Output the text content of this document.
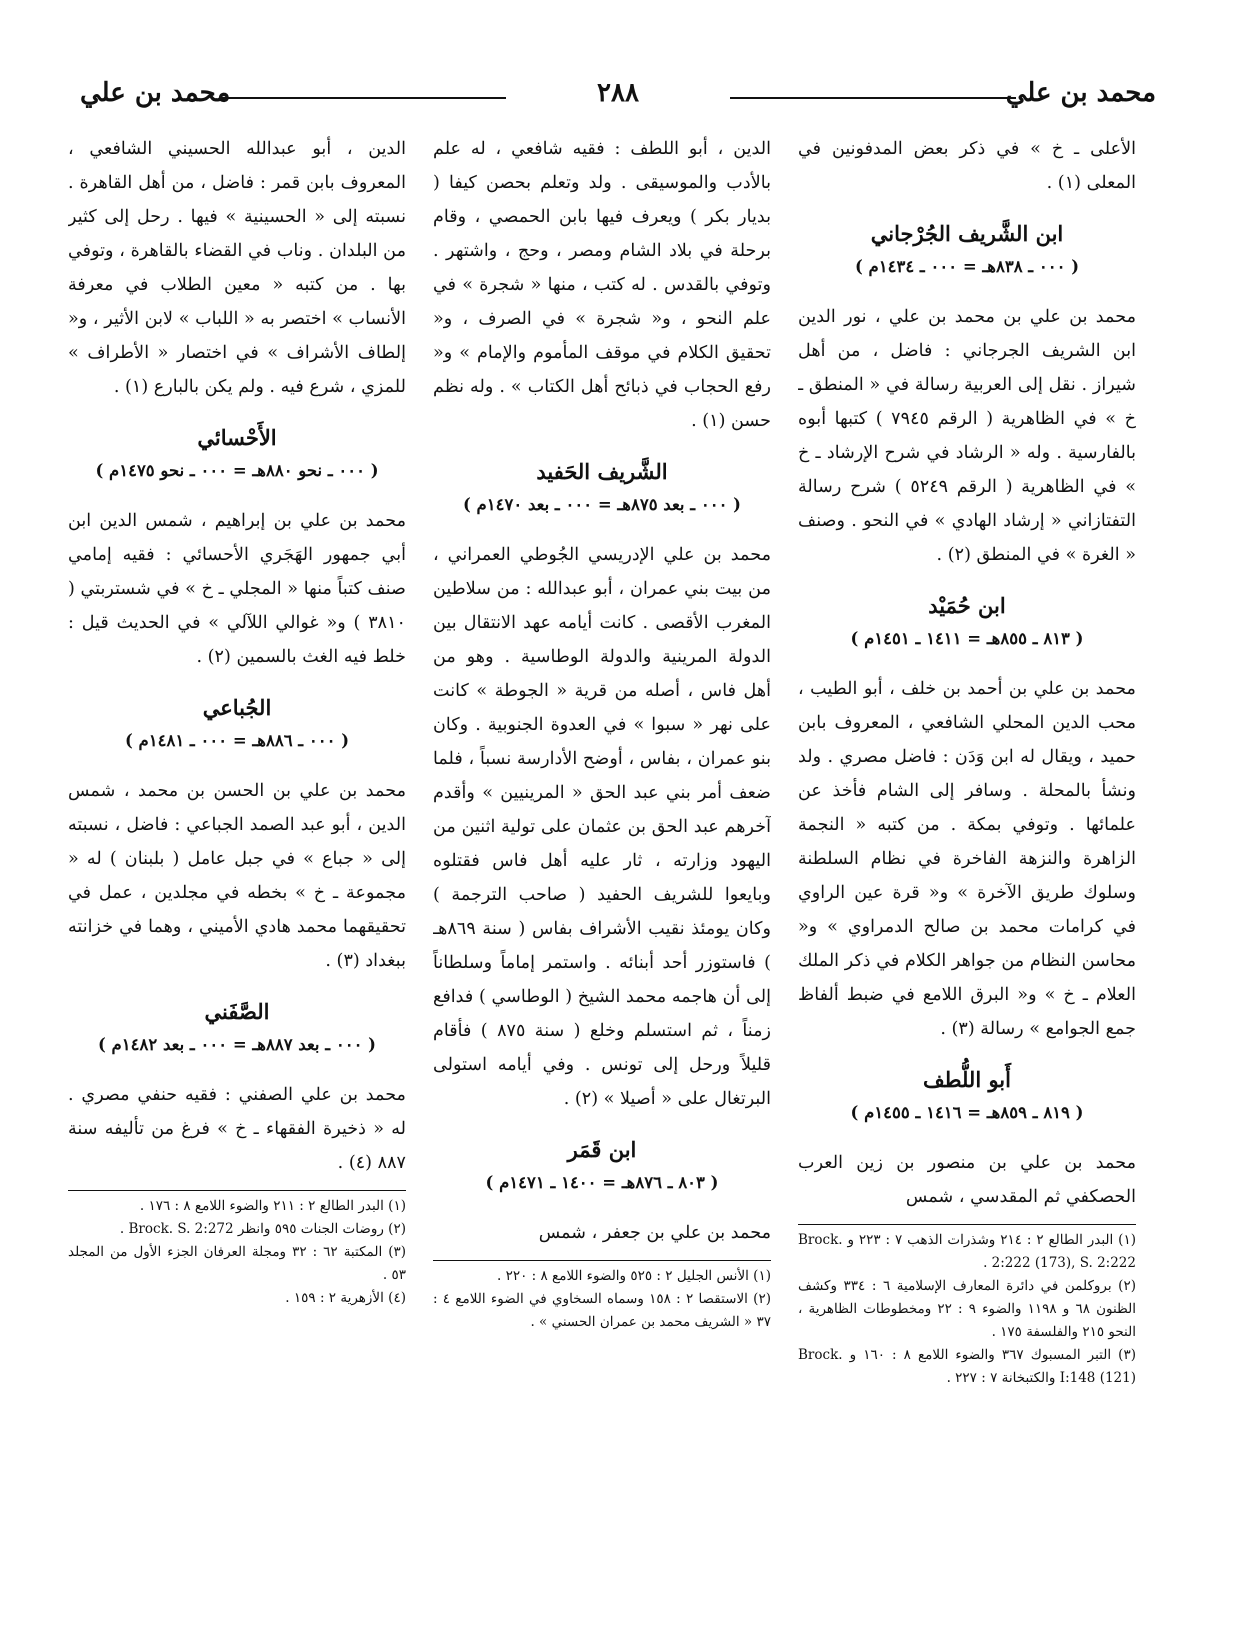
محمد بن علي
٢٨٨
محمد بن علي

الأعلى ـ خ » في ذكر بعض المدفونين في المعلى (١) .

ابن الشَّريف الجُرْجاني
( ٠٠٠ ـ ٨٣٨هـ = ٠٠٠ ـ ١٤٣٤م )

محمد بن علي بن محمد بن علي ، نور الدين ابن الشريف الجرجاني : فاضل ، من أهل شيراز . نقل إلى العربية رسالة في « المنطق ـ خ » في الظاهرية ( الرقم ٧٩٤٥ ) كتبها أبوه بالفارسية . وله « الرشاد في شرح الإرشاد ـ خ » في الظاهرية ( الرقم ٥٢٤٩ ) شرح رسالة التفتازاني « إرشاد الهادي » في النحو . وصنف « الغرة » في المنطق (٢) .

ابن حُمَيْد
( ٨١٣ ـ ٨٥٥هـ = ١٤١١ ـ ١٤٥١م )

محمد بن علي بن أحمد بن خلف ، أبو الطيب ، محب الدين المحلي الشافعي ، المعروف بابن حميد ، ويقال له ابن وَدَن : فاضل مصري . ولد ونشأ بالمحلة . وسافر إلى الشام فأخذ عن علمائها . وتوفي بمكة . من كتبه « النجمة الزاهرة والنزهة الفاخرة في نظام السلطنة وسلوك طريق الآخرة » و« قرة عين الراوي في كرامات محمد بن صالح الدمراوي » و« محاسن النظام من جواهر الكلام في ذكر الملك العلام ـ خ » و« البرق اللامع في ضبط ألفاظ جمع الجوامع » رسالة (٣) .

أَبو اللُّطف
( ٨١٩ ـ ٨٥٩هـ = ١٤١٦ ـ ١٤٥٥م )

محمد بن علي بن منصور بن زين العرب الحصكفي ثم المقدسي ، شمس

(١) البدر الطالع ٢ : ٢١٤ وشذرات الذهب ٧ : ٢٢٣ و Brock. 2:222 (173), S. 2:222 .
(٢) بروكلمن في دائرة المعارف الإسلامية ٦ : ٣٣٤ وكشف الظنون ٦٨ و ١١٩٨ والضوء ٩ : ٢٢ ومخطوطات الظاهرية ، النحو ٢١٥ والفلسفة ١٧٥ .
(٣) التبر المسبوك ٣٦٧ والضوء اللامع ٨ : ١٦٠ و Brock. I:148 (121) والكتبخانة ٧ : ٢٢٧ .

الدين ، أبو اللطف : فقيه شافعي ، له علم بالأدب والموسيقى . ولد وتعلم بحصن كيفا ( بديار بكر ) ويعرف فيها بابن الحمصي ، وقام برحلة في بلاد الشام ومصر ، وحج ، واشتهر . وتوفي بالقدس . له كتب ، منها « شجرة » في علم النحو ، و« شجرة » في الصرف ، و« تحقيق الكلام في موقف المأموم والإمام » و« رفع الحجاب في ذبائح أهل الكتاب » . وله نظم حسن (١) .

الشَّريف الحَفيد
( ٠٠٠ ـ بعد ٨٧٥هـ = ٠٠٠ ـ بعد ١٤٧٠م )

محمد بن علي الإدريسي الجُوطي العمراني ، من بيت بني عمران ، أبو عبدالله : من سلاطين المغرب الأقصى . كانت أيامه عهد الانتقال بين الدولة المرينية والدولة الوطاسية . وهو من أهل فاس ، أصله من قرية « الجوطة » كانت على نهر « سبوا » في العدوة الجنوبية . وكان بنو عمران ، بفاس ، أوضح الأدارسة نسباً ، فلما ضعف أمر بني عبد الحق « المرينيين » وأقدم آخرهم عبد الحق بن عثمان على تولية اثنين من اليهود وزارته ، ثار عليه أهل فاس فقتلوه وبايعوا للشريف الحفيد ( صاحب الترجمة ) وكان يومئذ نقيب الأشراف بفاس ( سنة ٨٦٩هـ ) فاستوزر أحد أبنائه . واستمر إماماً وسلطاناً إلى أن هاجمه محمد الشيخ ( الوطاسي ) فدافع زمناً ، ثم استسلم وخلع ( سنة ٨٧٥ ) فأقام قليلاً ورحل إلى تونس . وفي أيامه استولى البرتغال على « أصيلا » (٢) .

ابن قَمَر
( ٨٠٣ ـ ٨٧٦هـ = ١٤٠٠ ـ ١٤٧١م )

محمد بن علي بن جعفر ، شمس

(١) الأنس الجليل ٢ : ٥٢٥ والضوء اللامع ٨ : ٢٢٠ .
(٢) الاستقصا ٢ : ١٥٨ وسماه السخاوي في الضوء اللامع ٤ : ٣٧ « الشريف محمد بن عمران الحسني » .

الدين ، أبو عبدالله الحسيني الشافعي ، المعروف بابن قمر : فاضل ، من أهل القاهرة . نسبته إلى « الحسينية » فيها . رحل إلى كثير من البلدان . وناب في القضاء بالقاهرة ، وتوفي بها . من كتبه « معين الطلاب في معرفة الأنساب » اختصر به « اللباب » لابن الأثير ، و« إلطاف الأشراف » في اختصار « الأطراف » للمزي ، شرع فيه . ولم يكن بالبارع (١) .

الأَحْسائي
( ٠٠٠ ـ نحو ٨٨٠هـ = ٠٠٠ ـ نحو ١٤٧٥م )

محمد بن علي بن إبراهيم ، شمس الدين ابن أبي جمهور الهَجَري الأحسائي : فقيه إمامي صنف كتباً منها « المجلي ـ خ » في شستربتي ( ٣٨١٠ ) و« غوالي اللآلي » في الحديث قيل : خلط فيه الغث بالسمين (٢) .

الجُباعي
( ٠٠٠ ـ ٨٨٦هـ = ٠٠٠ ـ ١٤٨١م )

محمد بن علي بن الحسن بن محمد ، شمس الدين ، أبو عبد الصمد الجباعي : فاضل ، نسبته إلى « جباع » في جبل عامل ( بلبنان ) له « مجموعة ـ خ » بخطه في مجلدين ، عمل في تحقيقهما محمد هادي الأميني ، وهما في خزانته ببغداد (٣) .

الصَّفَني
( ٠٠٠ ـ بعد ٨٨٧هـ = ٠٠٠ ـ بعد ١٤٨٢م )

محمد بن علي الصفني : فقيه حنفي مصري . له « ذخيرة الفقهاء ـ خ » فرغ من تأليفه سنة ٨٨٧ (٤) .

(١) البدر الطالع ٢ : ٢١١ والضوء اللامع ٨ : ١٧٦ .
(٢) روضات الجنات ٥٩٥ وانظر Brock. S. 2:272 .
(٣) المكتبة ٦٢ : ٣٢ ومجلة العرفان الجزء الأول من المجلد ٥٣ .
(٤) الأزهرية ٢ : ١٥٩ .
